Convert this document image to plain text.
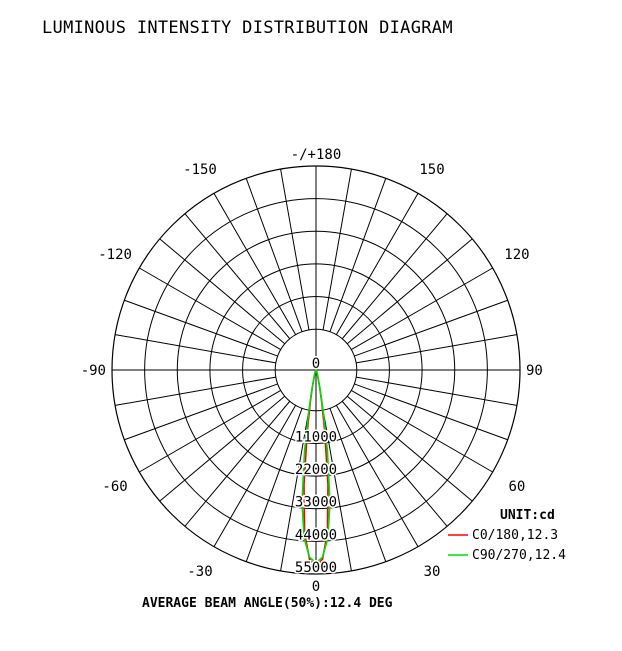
LUMINOUS INTENSITY DISTRIBUTION DIAGRAM
-/+180
-150	150
-120	120
-90	90
-60	60
-30	30
0
0
11000
22000
33000
44000
55000
UNIT:cd
C0/180,12.3
C90/270,12.4
AVERAGE BEAM ANGLE(50%):12.4 DEG
